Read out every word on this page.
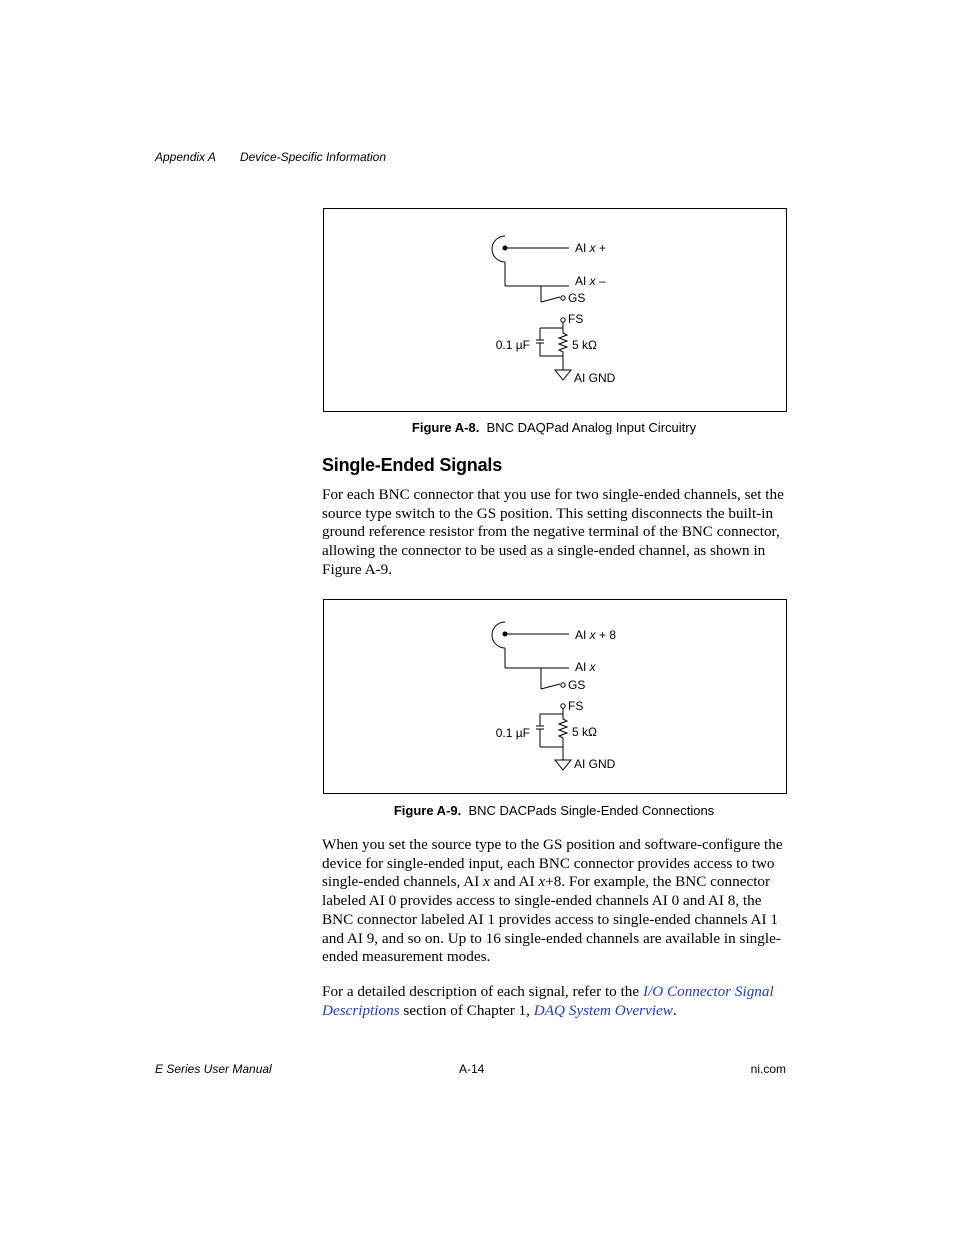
Appendix A Device-Specific Information
AI x +
AI x –
GS
FS
0.1 µF	5 kΩ
AI GND
Figure A-8. BNC DAQPad Analog Input Circuitry
Single-Ended Signals
For each BNC connector that you use for two single-ended channels, set the source type switch to the GS position. This setting disconnects the built-in ground reference resistor from the negative terminal of the BNC connector, allowing the connector to be used as a single-ended channel, as shown in Figure A-9.
AI x + 8
AI x
GS
FS
0.1 µF	5 kΩ
AI GND
Figure A-9. BNC DACPads Single-Ended Connections
When you set the source type to the GS position and software-configure the device for single-ended input, each BNC connector provides access to two single-ended channels, AI x and AI x+8. For example, the BNC connector labeled AI 0 provides access to single-ended channels AI 0 and AI 8, the BNC connector labeled AI 1 provides access to single-ended channels AI 1 and AI 9, and so on. Up to 16 single-ended channels are available in single-ended measurement modes.
For a detailed description of each signal, refer to the I/O Connector Signal Descriptions section of Chapter 1, DAQ System Overview.
E Series User Manual	A-14	ni.com
